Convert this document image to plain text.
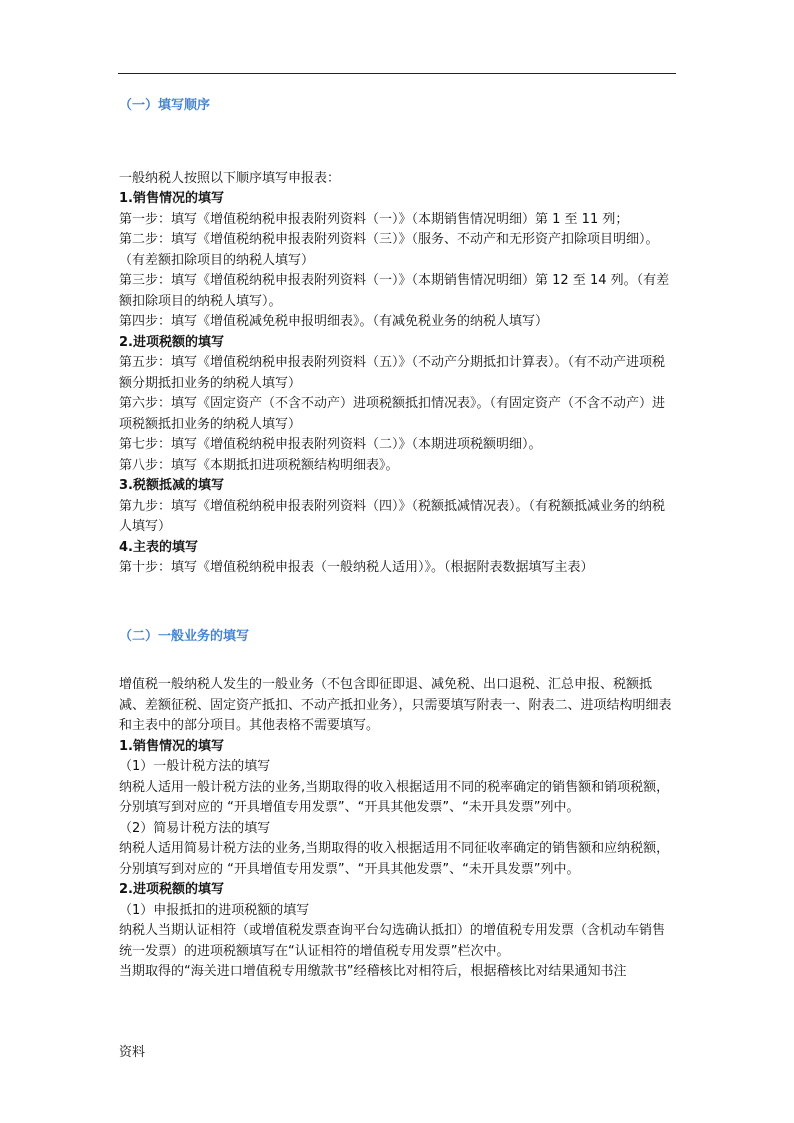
（一）填写顺序

一般纳税人按照以下顺序填写申报表：

1.销售情况的填写

第一步：填写《增值税纳税申报表附列资料（一）》（本期销售情况明细）第 1 至 11 列；

第二步：填写《增值税纳税申报表附列资料（三）》（服务、不动产和无形资产扣除项目明细）。（有差额扣除项目的纳税人填写）

第三步：填写《增值税纳税申报表附列资料（一）》（本期销售情况明细）第 12 至 14 列。（有差额扣除项目的纳税人填写）。

第四步：填写《增值税减免税申报明细表》。（有减免税业务的纳税人填写）

2.进项税额的填写

第五步：填写《增值税纳税申报表附列资料（五）》（不动产分期抵扣计算表）。（有不动产进项税额分期抵扣业务的纳税人填写）

第六步：填写《固定资产（不含不动产）进项税额抵扣情况表》。（有固定资产（不含不动产）进项税额抵扣业务的纳税人填写）

第七步：填写《增值税纳税申报表附列资料（二）》（本期进项税额明细）。

第八步：填写《本期抵扣进项税额结构明细表》。

3.税额抵减的填写

第九步：填写《增值税纳税申报表附列资料（四）》（税额抵减情况表）。（有税额抵减业务的纳税人填写）

4.主表的填写

第十步：填写《增值税纳税申报表（一般纳税人适用）》。（根据附表数据填写主表）

（二）一般业务的填写

增值税一般纳税人发生的一般业务（不包含即征即退、减免税、出口退税、汇总申报、税额抵减、差额征税、固定资产抵扣、不动产抵扣业务），只需要填写附表一、附表二、进项结构明细表和主表中的部分项目。其他表格不需要填写。

1.销售情况的填写

（1）一般计税方法的填写

纳税人适用一般计税方法的业务,当期取得的收入根据适用不同的税率确定的销售额和销项税额，分别填写到对应的 “开具增值专用发票”、“开具其他发票”、“未开具发票”列中。

（2）简易计税方法的填写

纳税人适用简易计税方法的业务,当期取得的收入根据适用不同征收率确定的销售额和应纳税额，分别填写到对应的 “开具增值专用发票”、“开具其他发票”、“未开具发票”列中。

2.进项税额的填写

（1）申报抵扣的进项税额的填写

纳税人当期认证相符（或增值税发票查询平台勾选确认抵扣）的增值税专用发票（含机动车销售统一发票）的进项税额填写在“认证相符的增值税专用发票”栏次中。

当期取得的“海关进口增值税专用缴款书”经稽核比对相符后，根据稽核比对结果通知书注

资料
